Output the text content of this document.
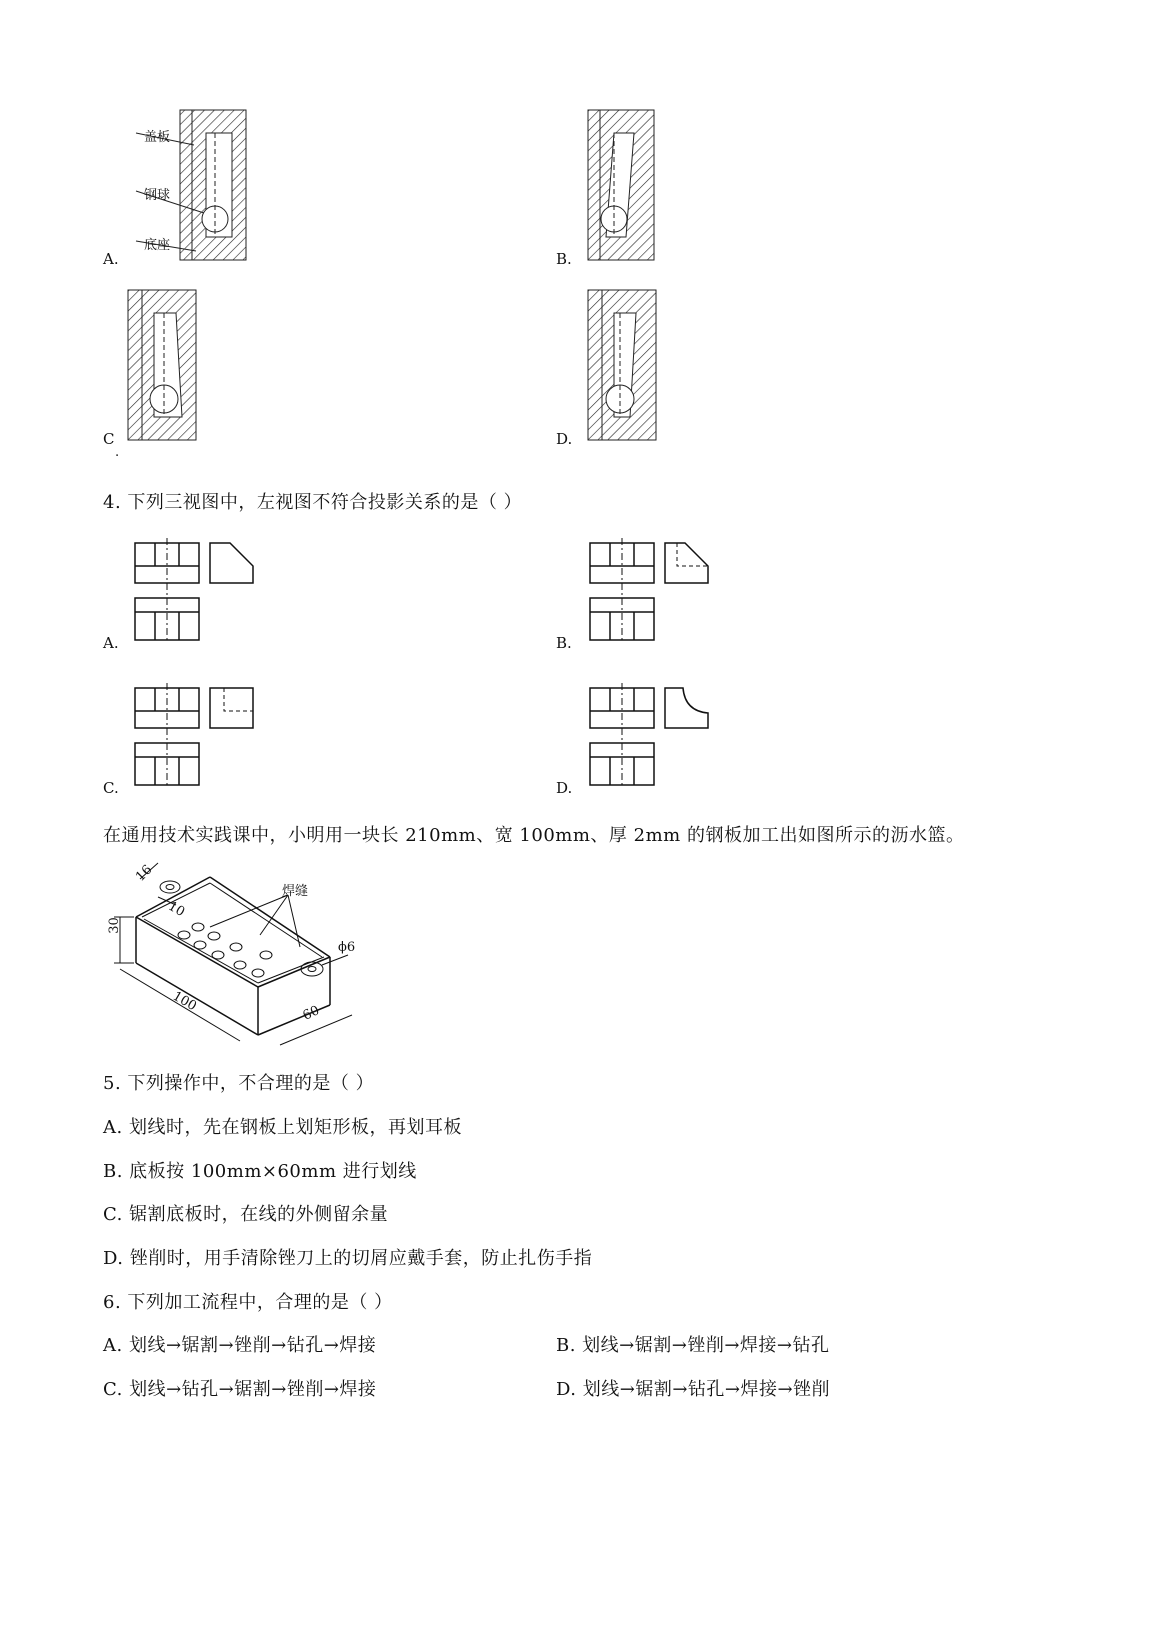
盖板
钢球
底座
A.	B.
C
.
D.
4. 下列三视图中，左视图不符合投影关系的是（ ）
A.	B.
C.	D.
在通用技术实践课中，小明用一块长 210mm、宽 100mm、厚 2mm 的钢板加工出如图所示的沥水篮。
16
10
30
100	60
ϕ6
焊缝
5. 下列操作中，不合理的是（ ）
A. 划线时，先在钢板上划矩形板，再划耳板
B. 底板按 100mm×60mm 进行划线
C. 锯割底板时，在线的外侧留余量
D. 锉削时，用手清除锉刀上的切屑应戴手套，防止扎伤手指
6. 下列加工流程中，合理的是（ ）
A. 划线→锯割→锉削→钻孔→焊接	B. 划线→锯割→锉削→焊接→钻孔
C. 划线→钻孔→锯割→锉削→焊接	D. 划线→锯割→钻孔→焊接→锉削
